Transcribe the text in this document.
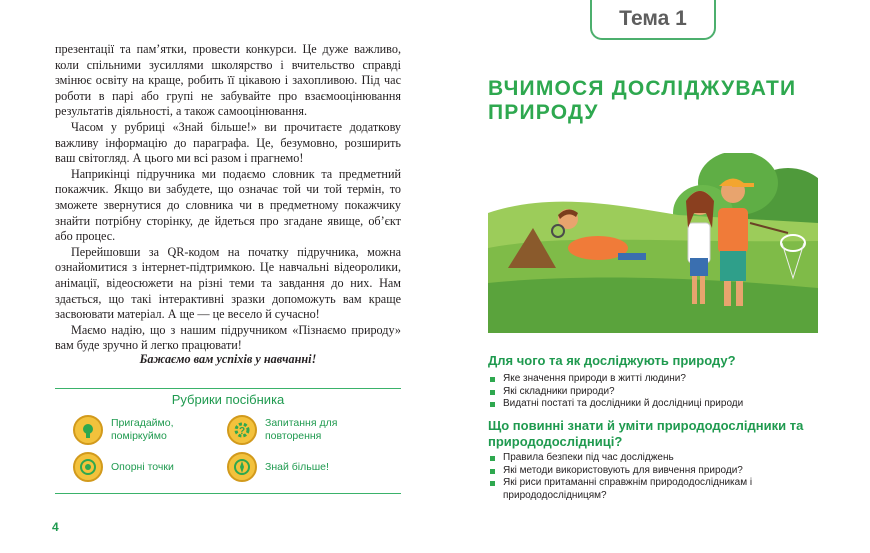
презентації та пам’ятки, провести конкурси. Це дуже важливо, коли спільними зусиллями школярство і вчительство справді змінює освіту на краще, робить її цікавою і захопливою. Під час роботи в парі або групі не забувайте про взаємооцінювання результатів діяльності, а також самооцінювання.

Часом у рубриці «Знай більше!» ви прочитаєте додаткову важливу інформацію до параграфа. Це, безумовно, розширить ваш світогляд. А цього ми всі разом і прагнемо!

Наприкінці підручника ми подаємо словник та предметний покажчик. Якщо ви забудете, що означає той чи той термін, то зможете звернутися до словника чи в предметному покажчику знайти потрібну сторінку, де йдеться про згадане явище, об’єкт або процес.

Перейшовши за QR-кодом на початку підручника, можна ознайомитися з інтернет-підтримкою. Це навчальні відеоролики, анімації, відеосюжети на різні теми та завдання до них. Нам здається, що такі інтерактивні зразки допоможуть вам краще засвоювати матеріал. А ще — це весело й сучасно!

Маємо надію, що з нашим підручником «Пізнаємо природу» вам буде зручно й легко працювати!

Бажаємо вам успіхів у навчанні!
Рубрики посібника
Пригадаймо, поміркуймо	?
Запитання для повторення
Опорні точки	Знай більше!
4
Тема 1
ВЧИМОСЯ ДОСЛІДЖУВАТИ ПРИРОДУ
Для чого та як досліджують природу?
Яке значення природи в житті людини?
Які складники природи?
Видатні постаті та дослідники й дослідниці природи
Що повинні знати й уміти природодослідники та природодослідниці?
Правила безпеки під час досліджень
Які методи використовують для вивчення природи?
Які риси притаманні справжнім природодослідникам і природодослідницям?
